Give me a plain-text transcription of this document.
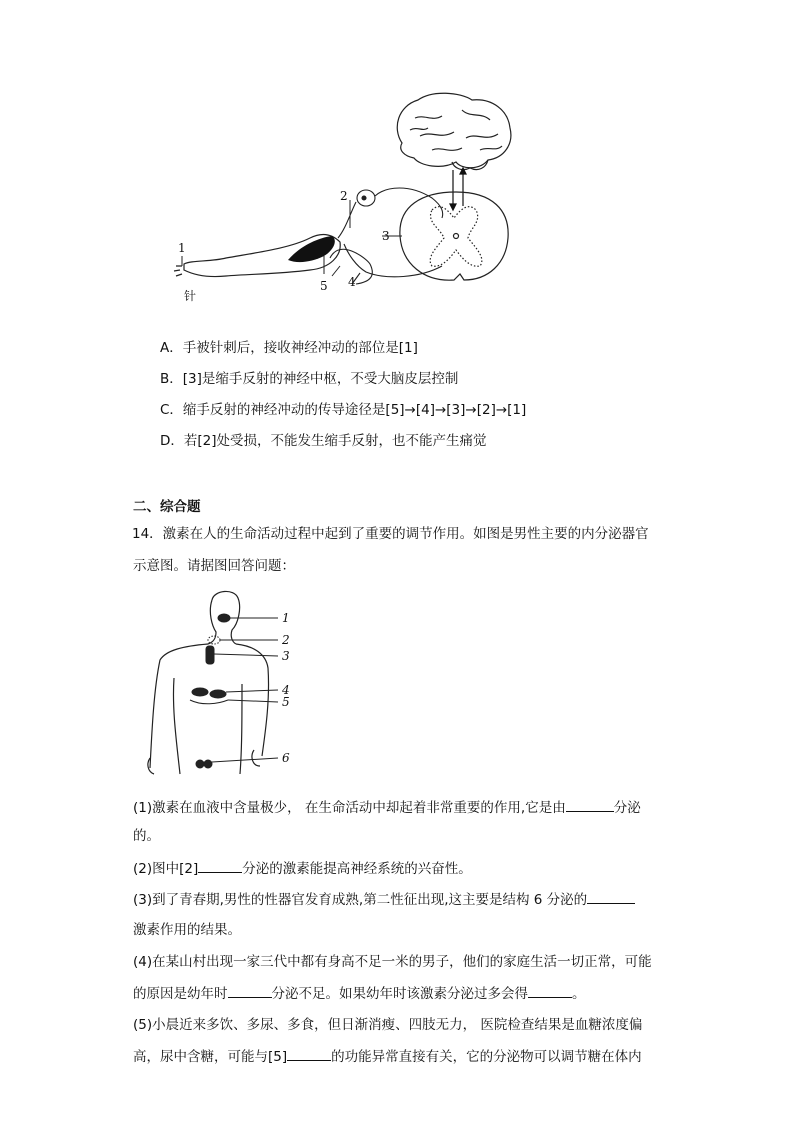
1
2
3
4
5
针
A．手被针刺后，接收神经冲动的部位是[1]
B．[3]是缩手反射的神经中枢，不受大脑皮层控制
C．缩手反射的神经冲动的传导途径是[5]→[4]→[3]→[2]→[1]
D．若[2]处受损，不能发生缩手反射，也不能产生痛觉
二、综合题
14．激素在人的生命活动过程中起到了重要的调节作用。如图是男性主要的内分泌器官
示意图。请据图回答问题：
1
2
3
4
5
6
(1)激素在血液中含量极少， 在生命活动中却起着非常重要的作用,它是由	分泌
的。
(2)图中[2]	分泌的激素能提高神经系统的兴奋性。
(3)到了青春期,男性的性器官发育成熟,第二性征出现,这主要是结构 6 分泌的
激素作用的结果。
(4)在某山村出现一家三代中都有身高不足一米的男子，他们的家庭生活一切正常，可能
的原因是幼年时	分泌不足。如果幼年时该激素分泌过多会得	。
(5)小晨近来多饮、多尿、多食，但日渐消瘦、四肢无力， 医院检查结果是血糖浓度偏
高，尿中含糖，可能与[5]	的功能异常直接有关，它的分泌物可以调节糖在体内
